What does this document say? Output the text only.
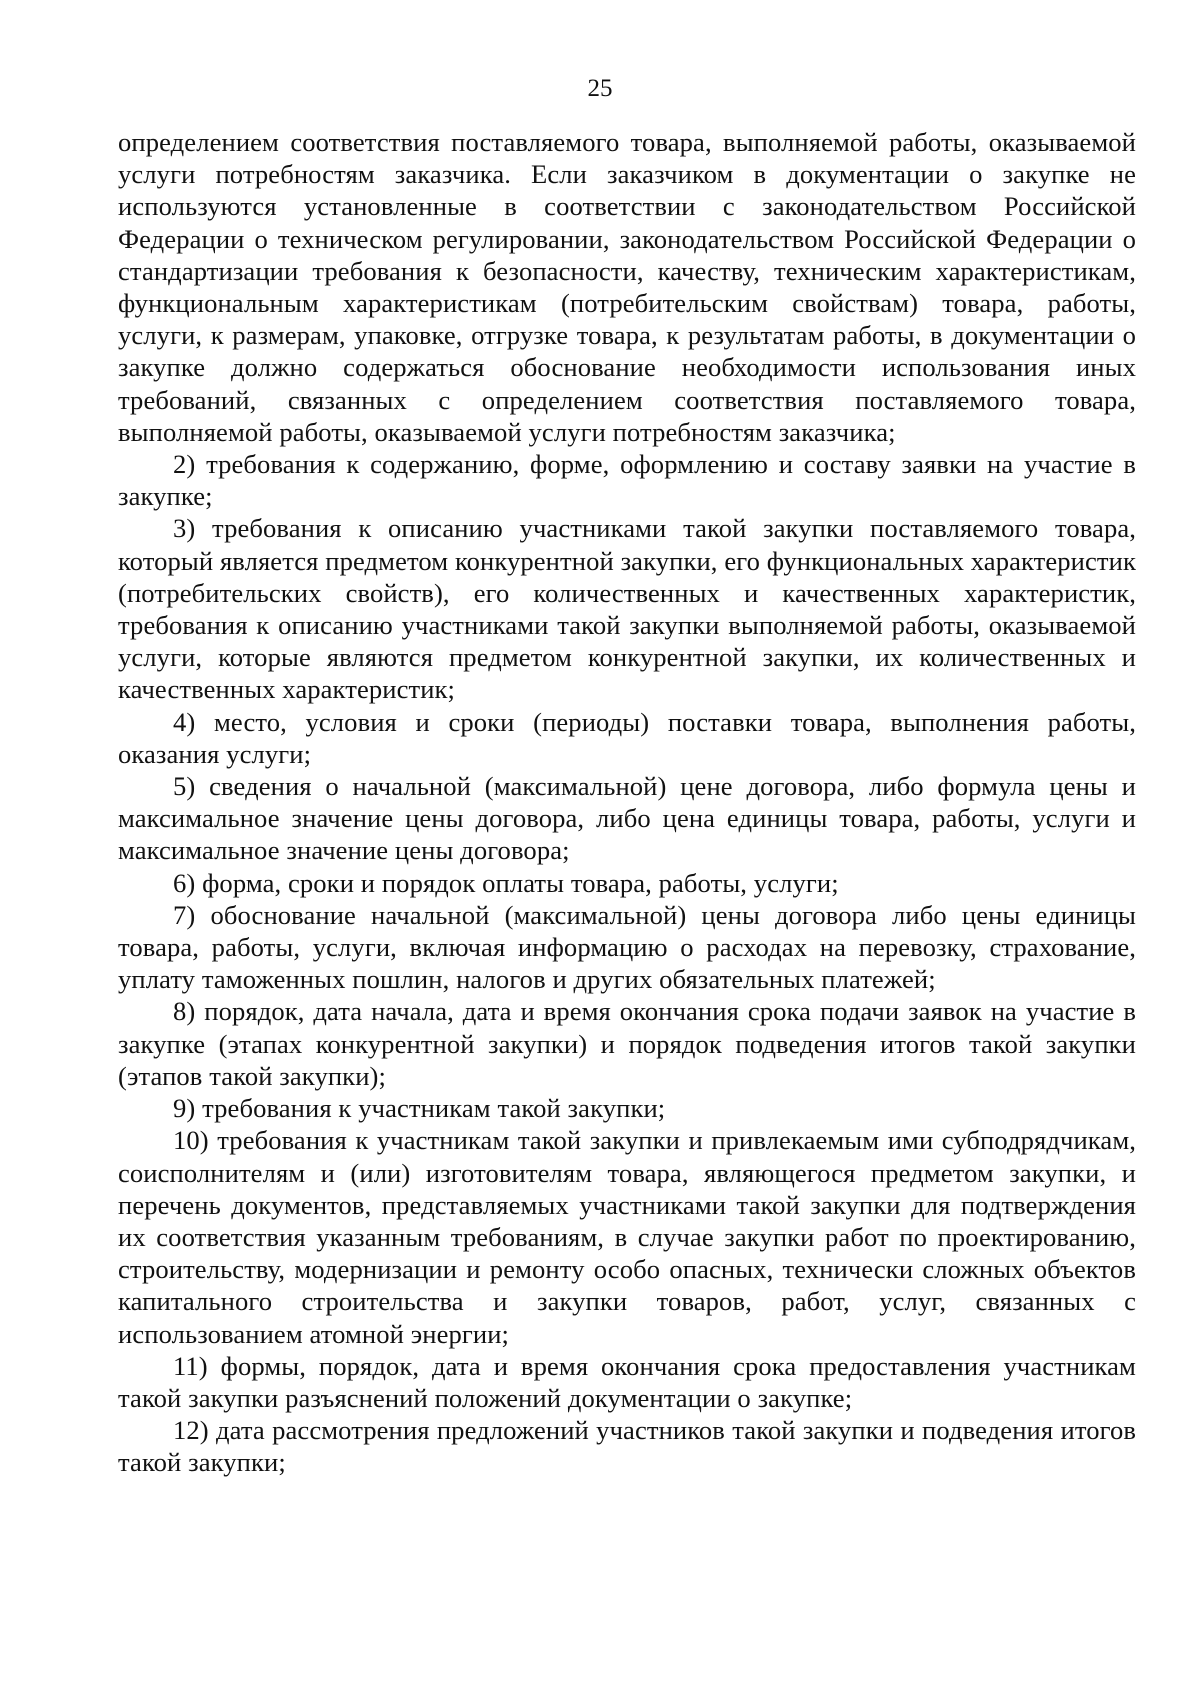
25

определением соответствия поставляемого товара, выполняемой работы, оказываемой услуги потребностям заказчика. Если заказчиком в документации о закупке не используются установленные в соответствии с законодательством Российской Федерации о техническом регулировании, законодательством Российской Федерации о стандартизации требования к безопасности, качеству, техническим характеристикам, функциональным характеристикам (потребительским свойствам) товара, работы, услуги, к размерам, упаковке, отгрузке товара, к результатам работы, в документации о закупке должно содержаться обоснование необходимости использования иных требований, связанных с определением соответствия поставляемого товара, выполняемой работы, оказываемой услуги потребностям заказчика;

2) требования к содержанию, форме, оформлению и составу заявки на участие в закупке;

3) требования к описанию участниками такой закупки поставляемого товара, который является предметом конкурентной закупки, его функциональных характеристик (потребительских свойств), его количественных и качественных характеристик, требования к описанию участниками такой закупки выполняемой работы, оказываемой услуги, которые являются предметом конкурентной закупки, их количественных и качественных характеристик;

4) место, условия и сроки (периоды) поставки товара, выполнения работы, оказания услуги;

5) сведения о начальной (максимальной) цене договора, либо формула цены и максимальное значение цены договора, либо цена единицы товара, работы, услуги и максимальное значение цены договора;

6) форма, сроки и порядок оплаты товара, работы, услуги;

7) обоснование начальной (максимальной) цены договора либо цены единицы товара, работы, услуги, включая информацию о расходах на перевозку, страхование, уплату таможенных пошлин, налогов и других обязательных платежей;

8) порядок, дата начала, дата и время окончания срока подачи заявок на участие в закупке (этапах конкурентной закупки) и порядок подведения итогов такой закупки (этапов такой закупки);

9) требования к участникам такой закупки;

10) требования к участникам такой закупки и привлекаемым ими субподрядчикам, соисполнителям и (или) изготовителям товара, являющегося предметом закупки, и перечень документов, представляемых участниками такой закупки для подтверждения их соответствия указанным требованиям, в случае закупки работ по проектированию, строительству, модернизации и ремонту особо опасных, технически сложных объектов капитального строительства и закупки товаров, работ, услуг, связанных с использованием атомной энергии;

11) формы, порядок, дата и время окончания срока предоставления участникам такой закупки разъяснений положений документации о закупке;

12) дата рассмотрения предложений участников такой закупки и подведения итогов такой закупки;
